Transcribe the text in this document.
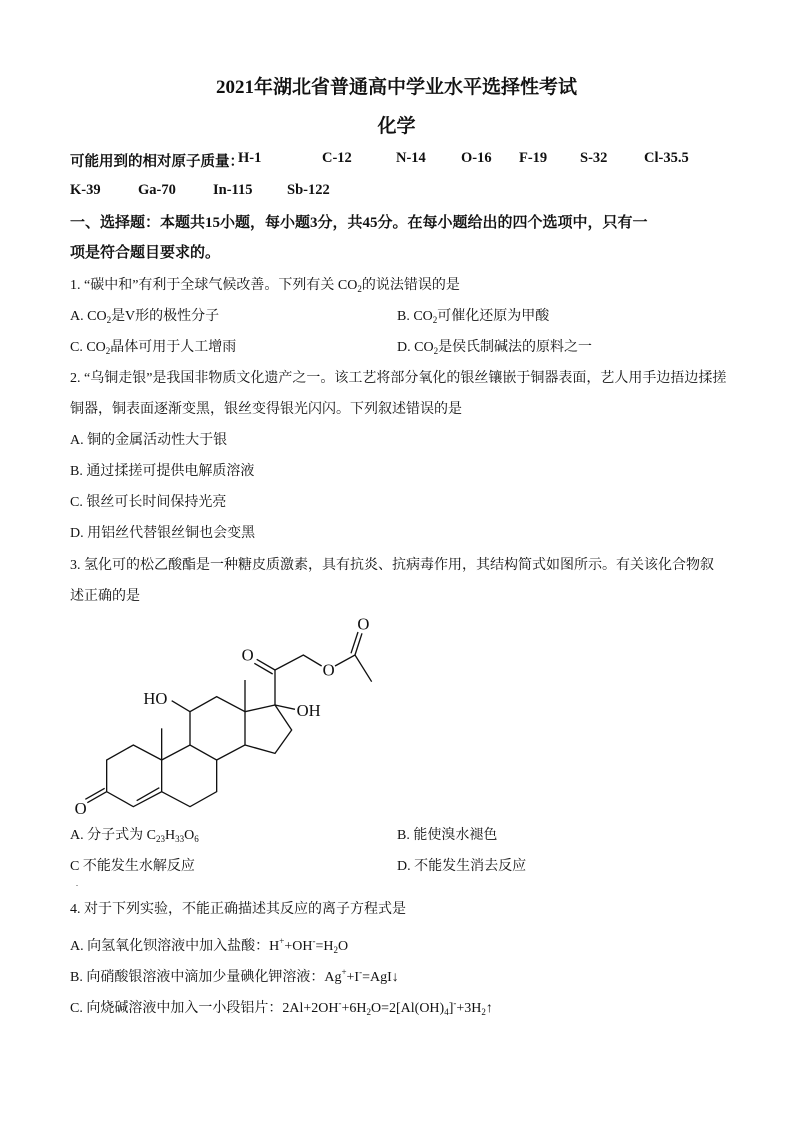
2021年湖北省普通高中学业水平选择性考试
化学
可能用到的相对原子质量：
H-1	C-12	N-14 O-16 F-19 S-32	Cl-35.5
K-39	Ga-70	In-115 Sb-122
一、选择题：本题共15小题，每小题3分，共45分。在每小题给出的四个选项中，只有一
项是符合题目要求的。
1. “碳中和”有利于全球气候改善。下列有关 $CO_2$的说法错误的是
A. $CO_2$是V形的极性分子	B. $CO_2$可催化还原为甲酸
C. $CO_2$晶体可用于人工增雨	D. $CO_2$是侯氏制碱法的原料之一
2. “乌铜走银”是我国非物质文化遗产之一。该工艺将部分氧化的银丝镶嵌于铜器表面，艺人用手边捂边揉搓
铜器，铜表面逐渐变黑，银丝变得银光闪闪。下列叙述错误的是
A. 铜的金属活动性大于银
B. 通过揉搓可提供电解质溶液
C. 银丝可长时间保持光亮
D. 用铝丝代替银丝铜也会变黑
3. 氢化可的松乙酸酯是一种糖皮质激素，具有抗炎、抗病毒作用，其结构简式如图所示。有关该化合物叙
述正确的是
O
O
O
O
HO
OH
A. 分子式为 $C_{23}H_{33}O_6$	B. 能使溴水褪色
C 不能发生水解反应	D. 不能发生消去反应
.
4. 对于下列实验，不能正确描述其反应的离子方程式是
A. 向氢氧化钡溶液中加入盐酸：$H^++OH^-=H_2O$
B. 向硝酸银溶液中滴加少量碘化钾溶液：Ag++I-=AgI↓
C. 向烧碱溶液中加入一小段铝片：$2Al+2OH^-+6H_2O=2[Al(OH)_4]^-+3H_2↑$
